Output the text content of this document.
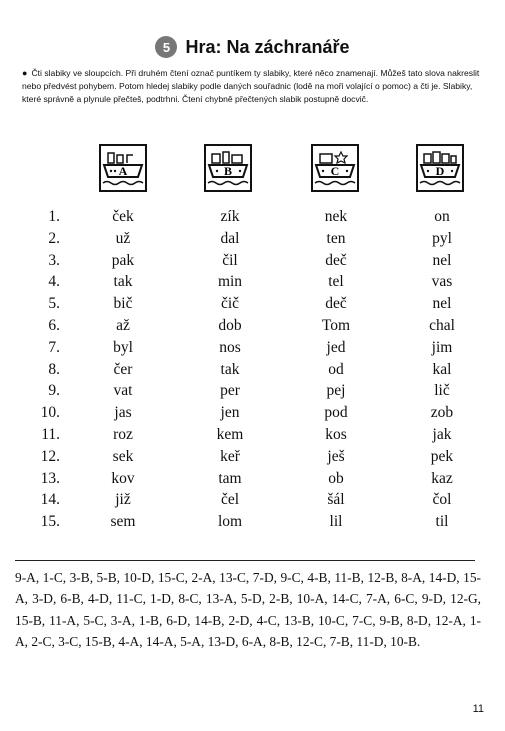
5 Hra: Na záchranáře
● Čti slabiky ve sloupcích. Při druhém čtení označ puntíkem ty slabiky, které něco znamenají. Můžeš tato slova nakreslit nebo předvést pohybem. Potom hledej slabiky podle daných souřadnic (lodě na moři volající o pomoc) a čti je. Slabiky, které správně a plynule přečteš, podtrhni. Čtení chybně přečtených slabik postupně docvič.
A	B	C	D
1.	ček	zík	nek	on
2.	už	dal	ten	pyl
3.	pak	čil	deč	nel
4.	tak	min	tel	vas
5.	bič	čič	deč	nel
6.	až	dob	Tom	chal
7.	byl	nos	jed	jim
8.	čer	tak	od	kal
9.	vat	per	pej	lič
10.	jas	jen	pod	zob
11.	roz	kem	kos	jak
12.	sek	keř	ješ	pek
13.	kov	tam	ob	kaz
14.	již	čel	šál	čol
15.	sem	lom	lil	til
9-A, 1-C, 3-B, 5-B, 10-D, 15-C, 2-A, 13-C, 7-D, 9-C, 4-B, 11-B, 12-B, 8-A, 14-D, 15-A, 3-D, 6-B, 4-D, 11-C, 1-D, 8-C, 13-A, 5-D, 2-B, 10-A, 14-C, 7-A, 6-C, 9-D, 12-G, 15-B, 11-A, 5-C, 3-A, 1-B, 6-D, 14-B, 2-D, 4-C, 13-B, 10-C, 7-C, 9-B, 8-D, 12-A, 1-A, 2-C, 3-C, 15-B, 4-A, 14-A, 5-A, 13-D, 6-A, 8-B, 12-C, 7-B, 11-D, 10-B.
11
